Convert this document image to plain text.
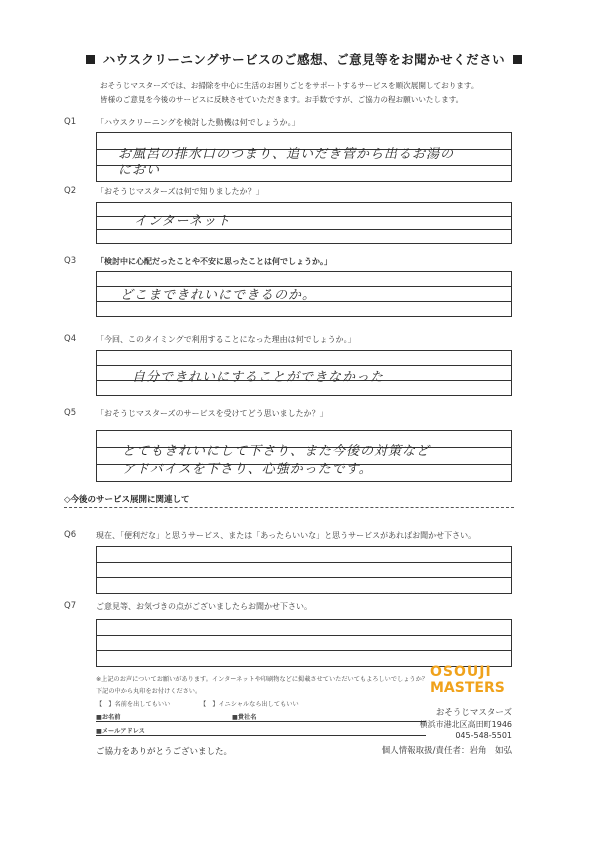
ハウスクリーニングサービスのご感想、ご意見等をお聞かせください
おそうじマスターズでは、お掃除を中心に生活のお困りごとをサポートするサービスを順次展開しております。
皆様のご意見を今後のサービスに反映させていただきます。お手数ですが、ご協力の程お願いいたします。
Q1 「ハウスクリーニングを検討した動機は何でしょうか。」
お風呂の排水口のつまり、追いだき管から出るお湯の
におい
Q2 「おそうじマスターズは何で知りましたか？」
インターネット
Q3 「検討中に心配だったことや不安に思ったことは何でしょうか。」
どこまできれいにできるのか。
Q4 「今回、このタイミングで利用することになった理由は何でしょうか。」
自分できれいにすることができなかった
Q5 「おそうじマスターズのサービスを受けてどう思いましたか？」
とてもきれいにして下さり、また今後の対策など
アドバイスを下さり、心強かったです。
◇今後のサービス展開に関連して
Q6 現在、「便利だな」と思うサービス、または「あったらいいな」と思うサービスがあればお聞かせ下さい。
Q7 ご意見等、お気づきの点がございましたらお聞かせ下さい。
※上記のお声についてお願いがあります。インターネットや印刷物などに掲載させていただいてもよろしいでしょうか？
下記の中から丸印をお付けください。
【　】名前を出してもいい	【　】イニシャルなら出してもいい
■お名前	■貴社名
■メールアドレス
ご協力をありがとうございました。
OSOUJI
MASTERS
おそうじマスターズ
横浜市港北区高田町1946
045-548-5501
個人情報取扱/責任者：岩角　如弘
